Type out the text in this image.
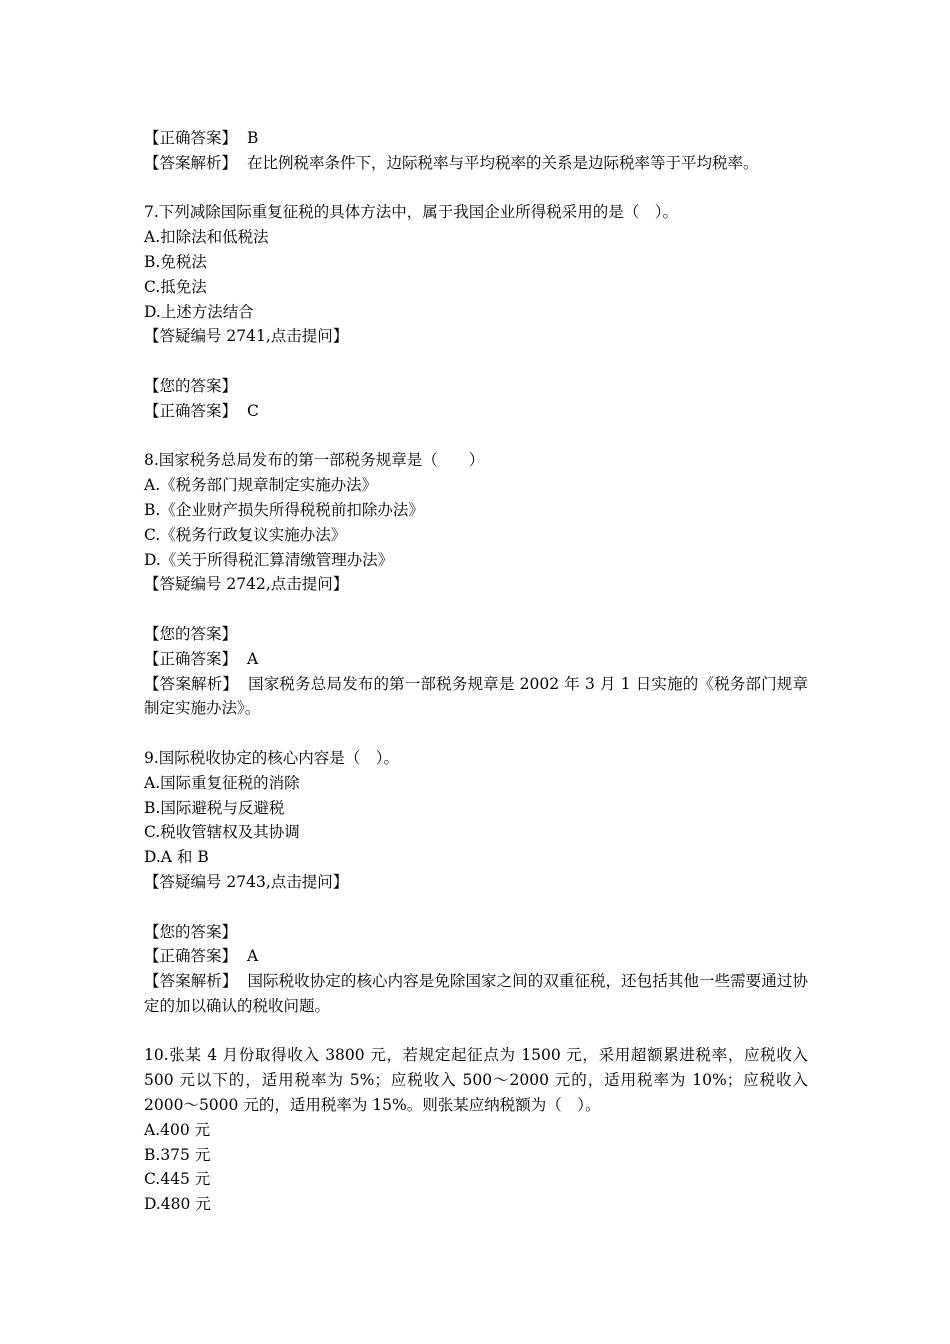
【正确答案】 B
【答案解析】 在比例税率条件下，边际税率与平均税率的关系是边际税率等于平均税率。
7.下列减除国际重复征税的具体方法中，属于我国企业所得税采用的是（　）。
A.扣除法和低税法
B.免税法
C.抵免法
D.上述方法结合
【答疑编号 2741,点击提问】
【您的答案】
【正确答案】 C
8.国家税务总局发布的第一部税务规章是（　　）
A.《税务部门规章制定实施办法》
B.《企业财产损失所得税税前扣除办法》
C.《税务行政复议实施办法》
D.《关于所得税汇算清缴管理办法》
【答疑编号 2742,点击提问】
【您的答案】
【正确答案】 A
【答案解析】 国家税务总局发布的第一部税务规章是 2002 年 3 月 1 日实施的《税务部门规章制定实施办法》。
9.国际税收协定的核心内容是（　）。
A.国际重复征税的消除
B.国际避税与反避税
C.税收管辖权及其协调
D.A 和 B
【答疑编号 2743,点击提问】
【您的答案】
【正确答案】 A
【答案解析】 国际税收协定的核心内容是免除国家之间的双重征税，还包括其他一些需要通过协定的加以确认的税收问题。
10.张某 4 月份取得收入 3800 元，若规定起征点为 1500 元，采用超额累进税率，应税收入 500 元以下的，适用税率为 5%；应税收入 500～2000 元的，适用税率为 10%；应税收入 2000～5000 元的，适用税率为 15%。则张某应纳税额为（　）。
A.400 元
B.375 元
C.445 元
D.480 元
